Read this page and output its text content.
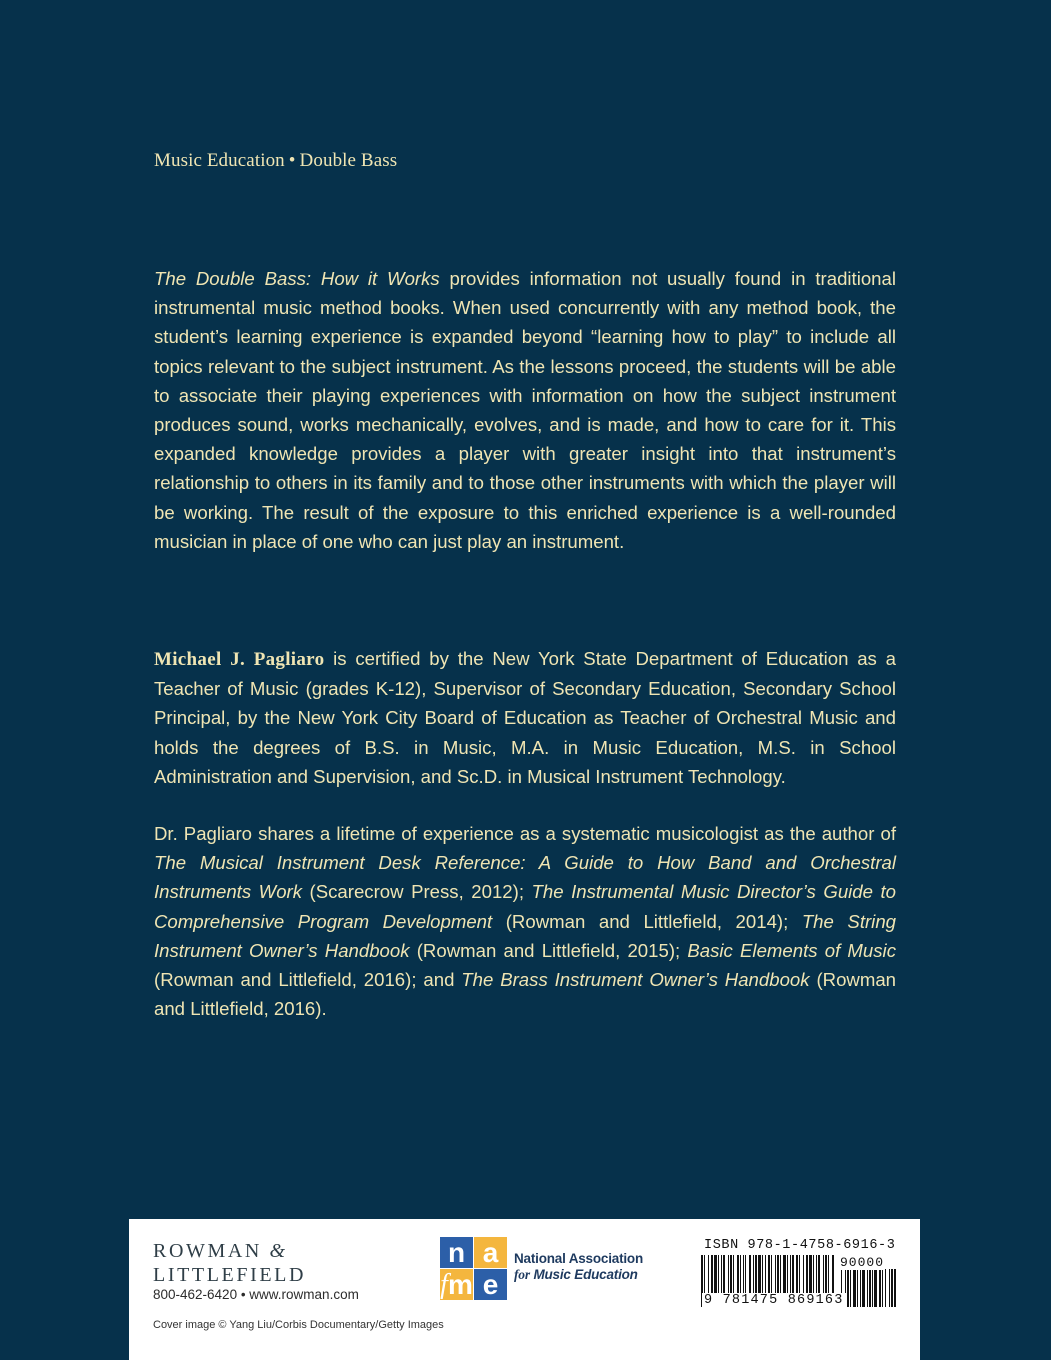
Music Education • Double Bass

The Double Bass: How it Works provides information not usually found in traditional instrumental music method books. When used concurrently with any method book, the student’s learning experience is expanded beyond “learning how to play” to include all topics relevant to the subject instrument. As the lessons proceed, the students will be able to associate their playing experiences with information on how the subject instrument produces sound, works mechanically, evolves, and is made, and how to care for it. This expanded knowledge provides a player with greater insight into that instrument’s relationship to others in its family and to those other instruments with which the player will be working. The result of the exposure to this enriched experience is a well-rounded musician in place of one who can just play an instrument.

Michael J. Pagliaro is certified by the New York State Department of Education as a Teacher of Music (grades K-12), Supervisor of Secondary Education, Secondary School Principal, by the New York City Board of Education as Teacher of Orchestral Music and holds the degrees of B.S. in Music, M.A. in Music Education, M.S. in School Administration and Supervision, and Sc.D. in Musical Instrument Technology.

Dr. Pagliaro shares a lifetime of experience as a systematic musicologist as the author of The Musical Instrument Desk Reference: A Guide to How Band and Orchestral Instruments Work (Scarecrow Press, 2012); The Instrumental Music Director’s Guide to Comprehensive Program Development (Rowman and Littlefield, 2014); The String Instrument Owner’s Handbook (Rowman and Littlefield, 2015); Basic Elements of Music (Rowman and Littlefield, 2016); and The Brass Instrument Owner’s Handbook (Rowman and Littlefield, 2016).

ROWMAN &
LITTLEFIELD
800-462-6420 • www.rowman.com
Cover image © Yang Liu/Corbis Documentary/Getty Images
n a
f m e
National Association
for Music Education
ISBN 978-1-4758-6916-3
90000
9 781475 869163
